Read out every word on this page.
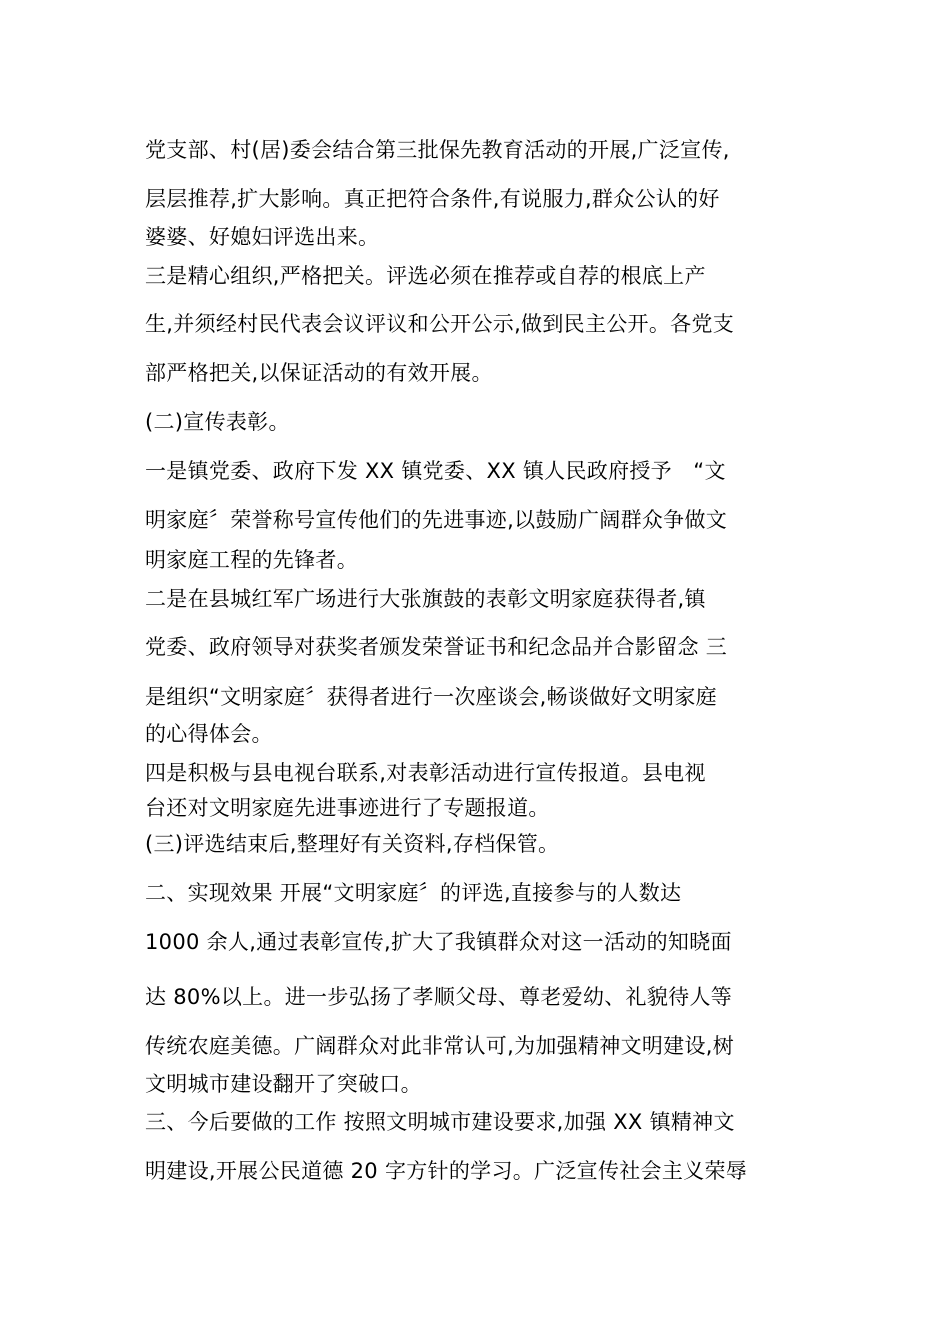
党支部、村(居)委会结合第三批保先教育活动的开展,广泛宣传,
层层推荐,扩大影响。真正把符合条件,有说服力,群众公认的好
婆婆、好媳妇评选出来。
三是精心组织,严格把关。评选必须在推荐或自荐的根底上产
生,并须经村民代表会议评议和公开公示,做到民主公开。各党支
部严格把关,以保证活动的有效开展。
(二)宣传表彰。
一是镇党委、政府下发 XX 镇党委、XX 镇人民政府授予　“文
明家庭〞荣誉称号宣传他们的先进事迹,以鼓励广阔群众争做文
明家庭工程的先锋者。
二是在县城红军广场进行大张旗鼓的表彰文明家庭获得者,镇
党委、政府领导对获奖者颁发荣誉证书和纪念品并合影留念 三
是组织“文明家庭〞获得者进行一次座谈会,畅谈做好文明家庭
的心得体会。
四是积极与县电视台联系,对表彰活动进行宣传报道。县电视
台还对文明家庭先进事迹进行了专题报道。
(三)评选结束后,整理好有关资料,存档保管。
二、实现效果 开展“文明家庭〞的评选,直接参与的人数达
1000 余人,通过表彰宣传,扩大了我镇群众对这一活动的知晓面
达 80%以上。进一步弘扬了孝顺父母、尊老爱幼、礼貌待人等
传统农庭美德。广阔群众对此非常认可,为加强精神文明建设,树
文明城市建设翻开了突破口。
三、今后要做的工作 按照文明城市建设要求,加强 XX 镇精神文
明建设,开展公民道德 20 字方针的学习。广泛宣传社会主义荣辱
